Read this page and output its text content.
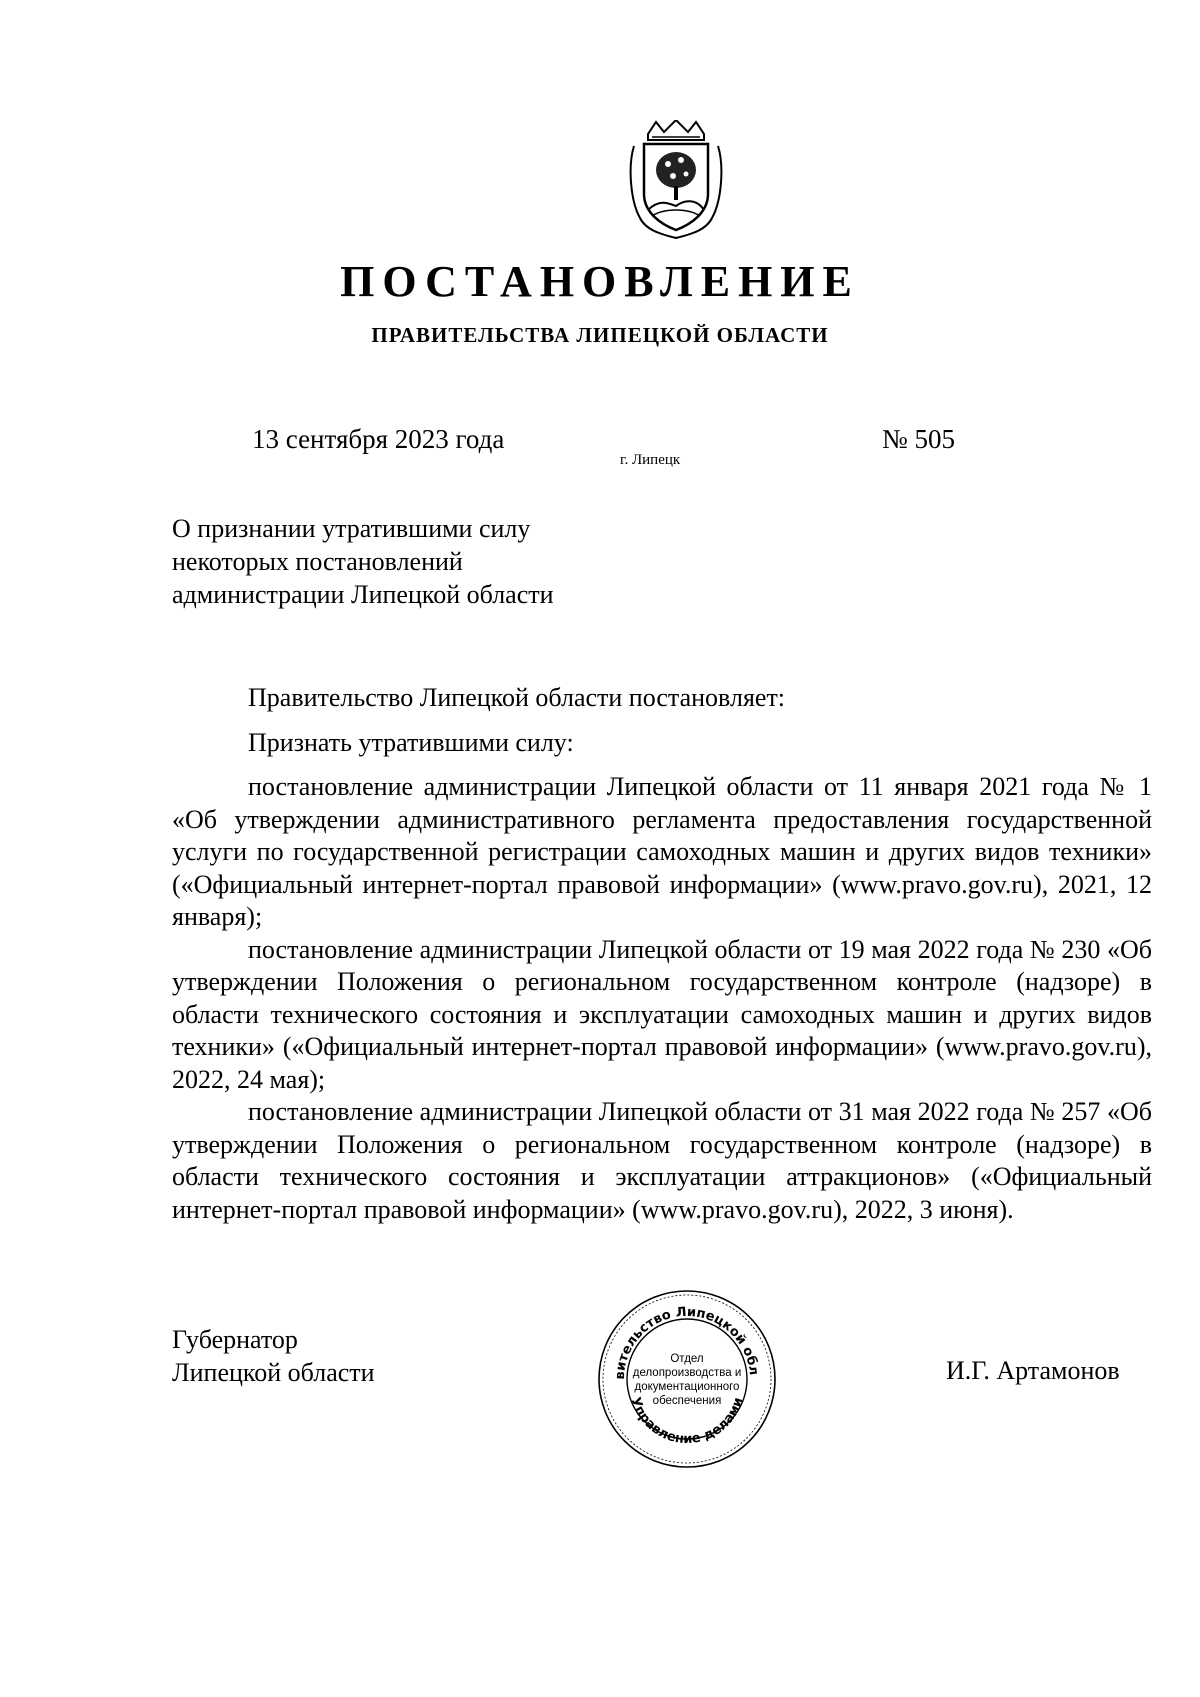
ПОСТАНОВЛЕНИЕ
ПРАВИТЕЛЬСТВА ЛИПЕЦКОЙ ОБЛАСТИ
13 сентября 2023 года
г. Липецк
№ 505
О признании утратившими силу
некоторых постановлений
администрации Липецкой области

Правительство Липецкой области постановляет:

Признать утратившими силу:

постановление администрации Липецкой области от 11 января 2021 года № 1 «Об утверждении административного регламента предоставления государственной услуги по государственной регистрации самоходных машин и других видов техники» («Официальный интернет-портал правовой информации» (www.pravo.gov.ru), 2021, 12 января);

постановление администрации Липецкой области от 19 мая 2022 года № 230 «Об утверждении Положения о региональном государственном контроле (надзоре) в области технического состояния и эксплуатации самоходных машин и других видов техники» («Официальный интернет-портал правовой информации» (www.pravo.gov.ru), 2022, 24 мая);

постановление администрации Липецкой области от 31 мая 2022 года № 257 «Об утверждении Положения о региональном государственном контроле (надзоре) в области технического состояния и эксплуатации аттракционов» («Официальный интернет-портал правовой информации» (www.pravo.gov.ru), 2022, 3 июня).

Губернатор
Липецкой области	И.Г. Артамонов
вительство Липецкой обл
Управление делами
Отдел делопроизводства и документационного обеспечения
